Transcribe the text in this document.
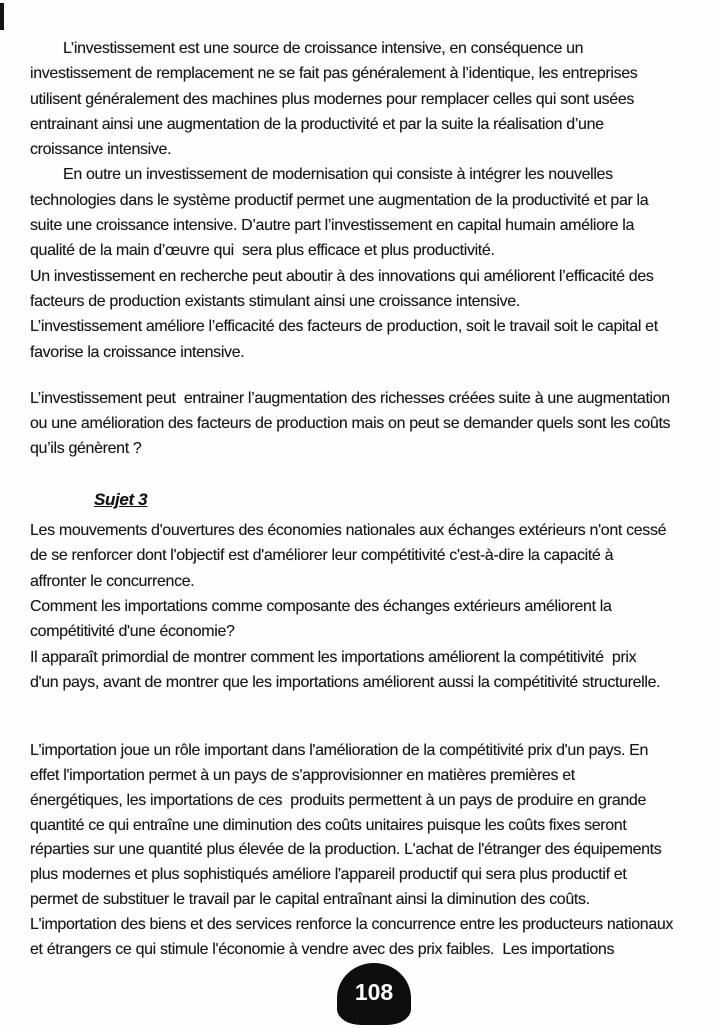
L’investissement est une source de croissance intensive, en conséquence un
investissement de remplacement ne se fait pas généralement à l’identique, les entreprises
utilisent généralement des machines plus modernes pour remplacer celles qui sont usées
entrainant ainsi une augmentation de la productivité et par la suite la réalisation d’une
croissance intensive.
En outre un investissement de modernisation qui consiste à intégrer les nouvelles
technologies dans le système productif permet une augmentation de la productivité et par la
suite une croissance intensive. D’autre part l’investissement en capital humain améliore la
qualité de la main d’œuvre qui  sera plus efficace et plus productivité.
Un investissement en recherche peut aboutir à des innovations qui améliorent l’efficacité des
facteurs de production existants stimulant ainsi une croissance intensive.
L’investissement améliore l’efficacité des facteurs de production, soit le travail soit le capital et
favorise la croissance intensive.
L’investissement peut  entrainer l’augmentation des richesses créées suite à une augmentation
ou une amélioration des facteurs de production mais on peut se demander quels sont les coûts
qu’ils génèrent ?
Sujet 3
Les mouvements d'ouvertures des économies nationales aux échanges extérieurs n'ont cessé
de se renforcer dont l'objectif est d'améliorer leur compétitivité c'est-à-dire la capacité à
affronter le concurrence.
Comment les importations comme composante des échanges extérieurs améliorent la
compétitivité d'une économie?
Il apparaît primordial de montrer comment les importations améliorent la compétitivité  prix
d'un pays, avant de montrer que les importations améliorent aussi la compétitivité structurelle.
L'importation joue un rôle important dans l'amélioration de la compétitivité prix d'un pays. En
effet l'importation permet à un pays de s'approvisionner en matières premières et
énergétiques, les importations de ces  produits permettent à un pays de produire en grande
quantité ce qui entraîne une diminution des coûts unitaires puisque les coûts fixes seront
réparties sur une quantité plus élevée de la production. L'achat de l'étranger des équipements
plus modernes et plus sophistiqués améliore l'appareil productif qui sera plus productif et
permet de substituer le travail par le capital entraînant ainsi la diminution des coûts.
L'importation des biens et des services renforce la concurrence entre les producteurs nationaux
et étrangers ce qui stimule l'économie à vendre avec des prix faibles.  Les importations
108
